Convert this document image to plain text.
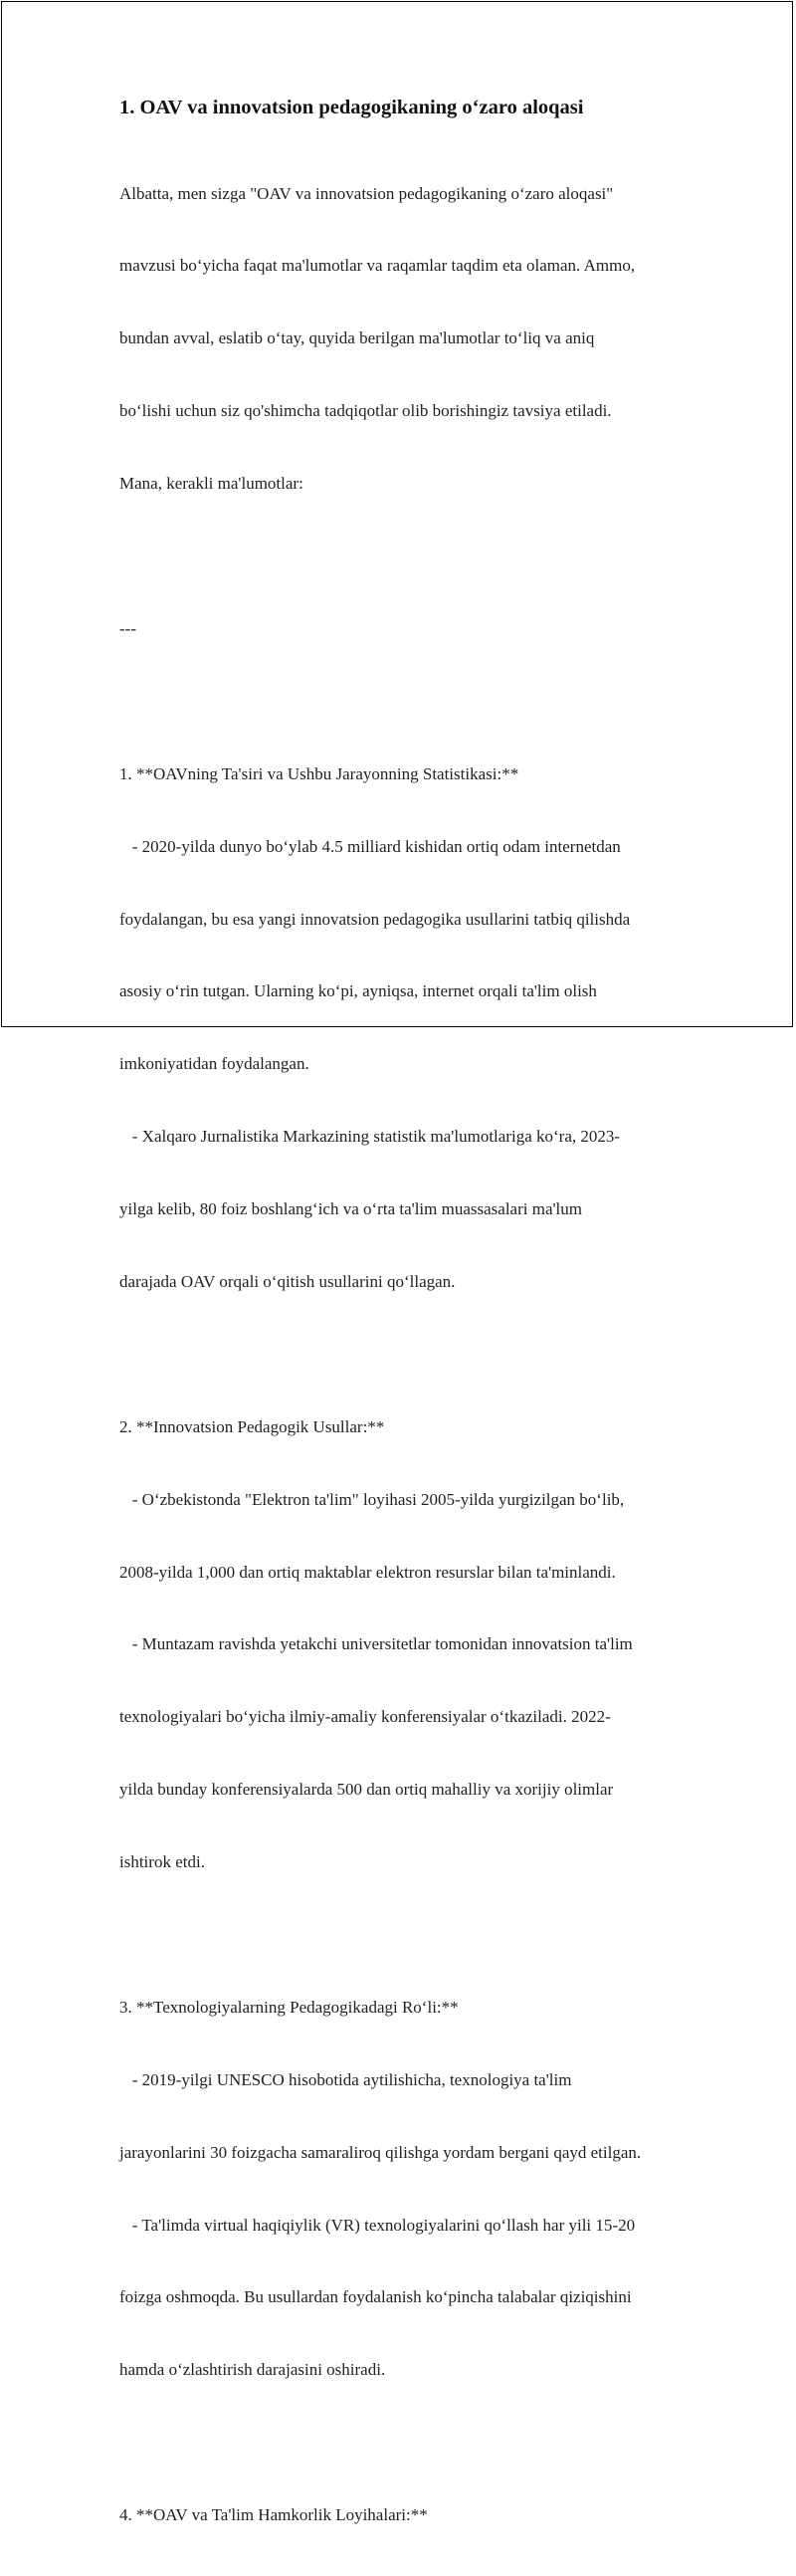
1. OAV va innovatsion pedagogikaning o‘zaro aloqasi

Albatta, men sizga "OAV va innovatsion pedagogikaning o‘zaro aloqasi"

mavzusi bo‘yicha faqat ma'lumotlar va raqamlar taqdim eta olaman. Ammo,

bundan avval, eslatib o‘tay, quyida berilgan ma'lumotlar to‘liq va aniq

bo‘lishi uchun siz qo'shimcha tadqiqotlar olib borishingiz tavsiya etiladi.

Mana, kerakli ma'lumotlar:

---

1. **OAVning Ta'siri va Ushbu Jarayonning Statistikasi:**

- 2020-yilda dunyo bo‘ylab 4.5 milliard kishidan ortiq odam internetdan

foydalangan, bu esa yangi innovatsion pedagogika usullarini tatbiq qilishda

asosiy o‘rin tutgan. Ularning ko‘pi, ayniqsa, internet orqali ta'lim olish

imkoniyatidan foydalangan.

- Xalqaro Jurnalistika Markazining statistik ma'lumotlariga ko‘ra, 2023-

yilga kelib, 80 foiz boshlang‘ich va o‘rta ta'lim muassasalari ma'lum

darajada OAV orqali o‘qitish usullarini qo‘llagan.

2. **Innovatsion Pedagogik Usullar:**

- O‘zbekistonda "Elektron ta'lim" loyihasi 2005-yilda yurgizilgan bo‘lib,

2008-yilda 1,000 dan ortiq maktablar elektron resurslar bilan ta'minlandi.

- Muntazam ravishda yetakchi universitetlar tomonidan innovatsion ta'lim

texnologiyalari bo‘yicha ilmiy-amaliy konferensiyalar o‘tkaziladi. 2022-

yilda bunday konferensiyalarda 500 dan ortiq mahalliy va xorijiy olimlar

ishtirok etdi.

3. **Texnologiyalarning Pedagogikadagi Ro‘li:**

- 2019-yilgi UNESCO hisobotida aytilishicha, texnologiya ta'lim

jarayonlarini 30 foizgacha samaraliroq qilishga yordam bergani qayd etilgan.

- Ta'limda virtual haqiqiylik (VR) texnologiyalarini qo‘llash har yili 15-20

foizga oshmoqda. Bu usullardan foydalanish ko‘pincha talabalar qiziqishini

hamda o‘zlashtirish darajasini oshiradi.

4. **OAV va Ta'lim Hamkorlik Loyihalari:**
